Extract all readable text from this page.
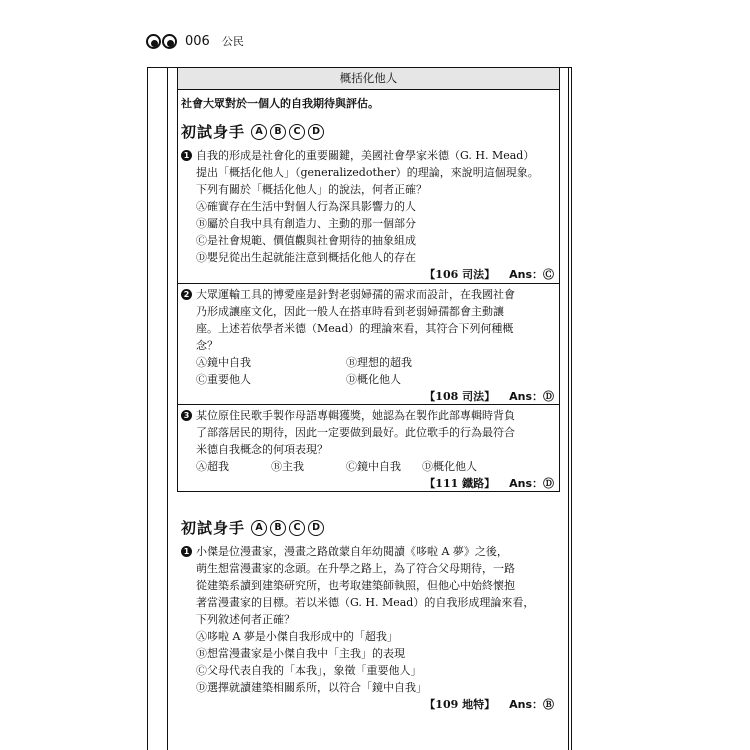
006 公民
概括化他人
社會大眾對於一個人的自我期待與評估。
初試身手	A	B	C	D
1 自我的形成是社會化的重要關鍵，美國社會學家米德（G. H. Mead）
提出「概括化他人」（generalizedother）的理論，來說明這個現象。
下列有關於「概括化他人」的說法，何者正確？
Ⓐ確實存在生活中對個人行為深具影響力的人
Ⓑ屬於自我中具有創造力、主動的那一個部分
Ⓒ是社會規範、價值觀與社會期待的抽象組成
Ⓓ嬰兒從出生起就能注意到概括化他人的存在
【106 司法】 Ans：Ⓒ
2 大眾運輸工具的博愛座是針對老弱婦孺的需求而設計，在我國社會
乃形成讓座文化，因此一般人在搭車時看到老弱婦孺都會主動讓
座。上述若依學者米德（Mead）的理論來看，其符合下列何種概
念？
Ⓐ鏡中自我	Ⓑ理想的超我
Ⓒ重要他人	Ⓓ概化他人
【108 司法】 Ans：Ⓓ
3 某位原住民歌手製作母語專輯獲獎，她認為在製作此部專輯時背負
了部落居民的期待，因此一定要做到最好。此位歌手的行為最符合
米德自我概念的何項表現？
Ⓐ超我	Ⓑ主我	Ⓒ鏡中自我	Ⓓ概化他人
【111 鐵路】 Ans：Ⓓ
初試身手	A	B	C	D
1 小傑是位漫畫家，漫畫之路啟蒙自年幼閱讀《哆啦 A 夢》之後，
萌生想當漫畫家的念頭。在升學之路上，為了符合父母期待，一路
從建築系讀到建築研究所，也考取建築師執照，但他心中始終懷抱
著當漫畫家的目標。若以米德（G. H. Mead）的自我形成理論來看，
下列敘述何者正確？
Ⓐ哆啦 A 夢是小傑自我形成中的「超我」
Ⓑ想當漫畫家是小傑自我中「主我」的表現
Ⓒ父母代表自我的「本我」，象徵「重要他人」
Ⓓ選擇就讀建築相關系所，以符合「鏡中自我」
【109 地特】 Ans：Ⓑ
